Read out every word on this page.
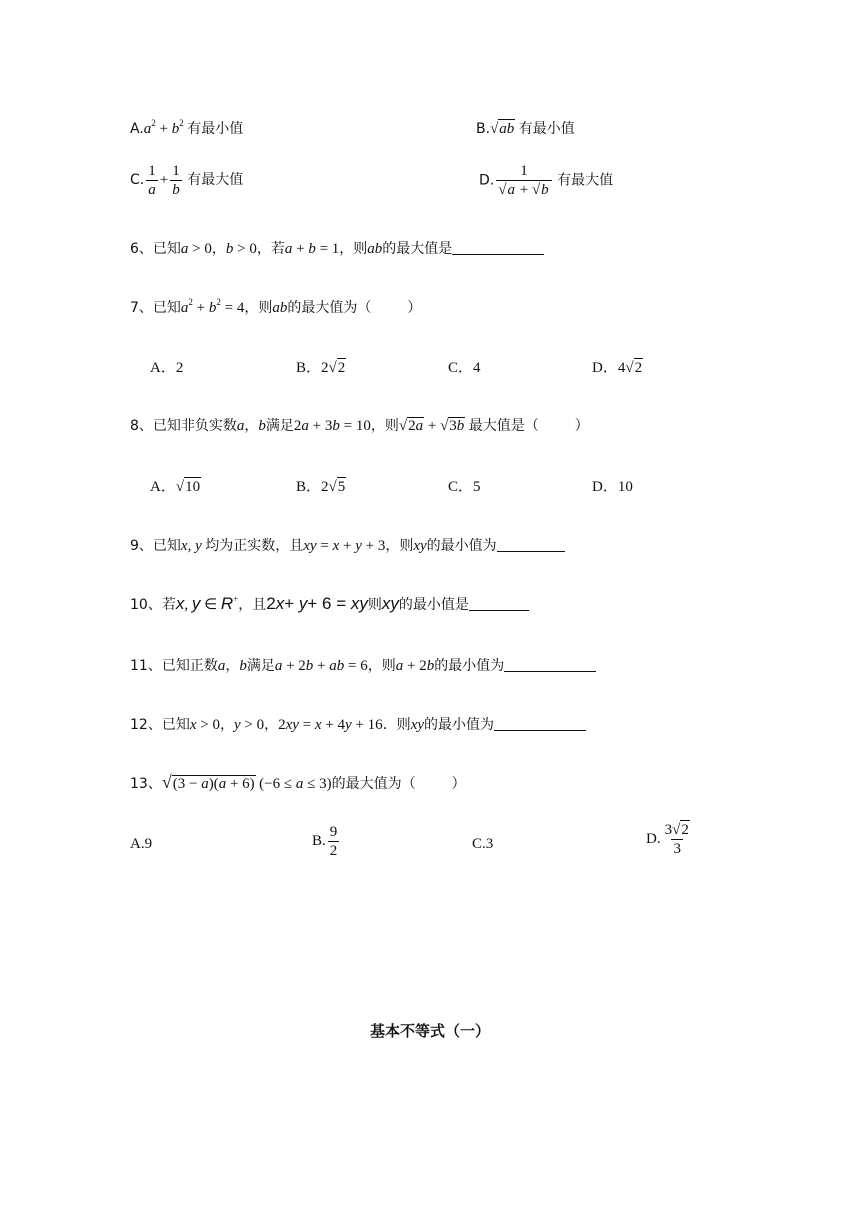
$A.a^2 + b^2$ 有最小值	B.√ab 有最小值
C. $\frac{1}{a} + \frac{1}{b}$ 有最大值	D. $\frac{1}{√a + √b}$ 有最大值
6、已知a > 0，b > 0，若a + b = 1，则ab的最大值是
7、已知$a^2 + b^2 = 4$，则ab的最大值为（	）
A．2	B．2√2	C．4	D．4√2
8、已知非负实数a，b满足2a + 3b = 10，则√2a + √3b 最大值是（	）
A．√10	B．2√5	C．5	D．10
9、已知x, y 均为正实数，且xy = x + y + 3，则xy的最小值为
10、若x, y ∈ R+，且2x+ y+ 6 = xy则xy的最小值是
11、已知正数a，b满足a + 2b + ab = 6，则a + 2b的最小值为
12、已知x > 0，y > 0，2xy = x + 4y + 16．则xy的最小值为
13、√(3 − a)(a + 6) (−6 ≤ a ≤ 3)的最大值为（	）
A.9	B. $\frac{9}{2}$	C.3	D. $\frac{3√2}{3}$
基本不等式（一）
